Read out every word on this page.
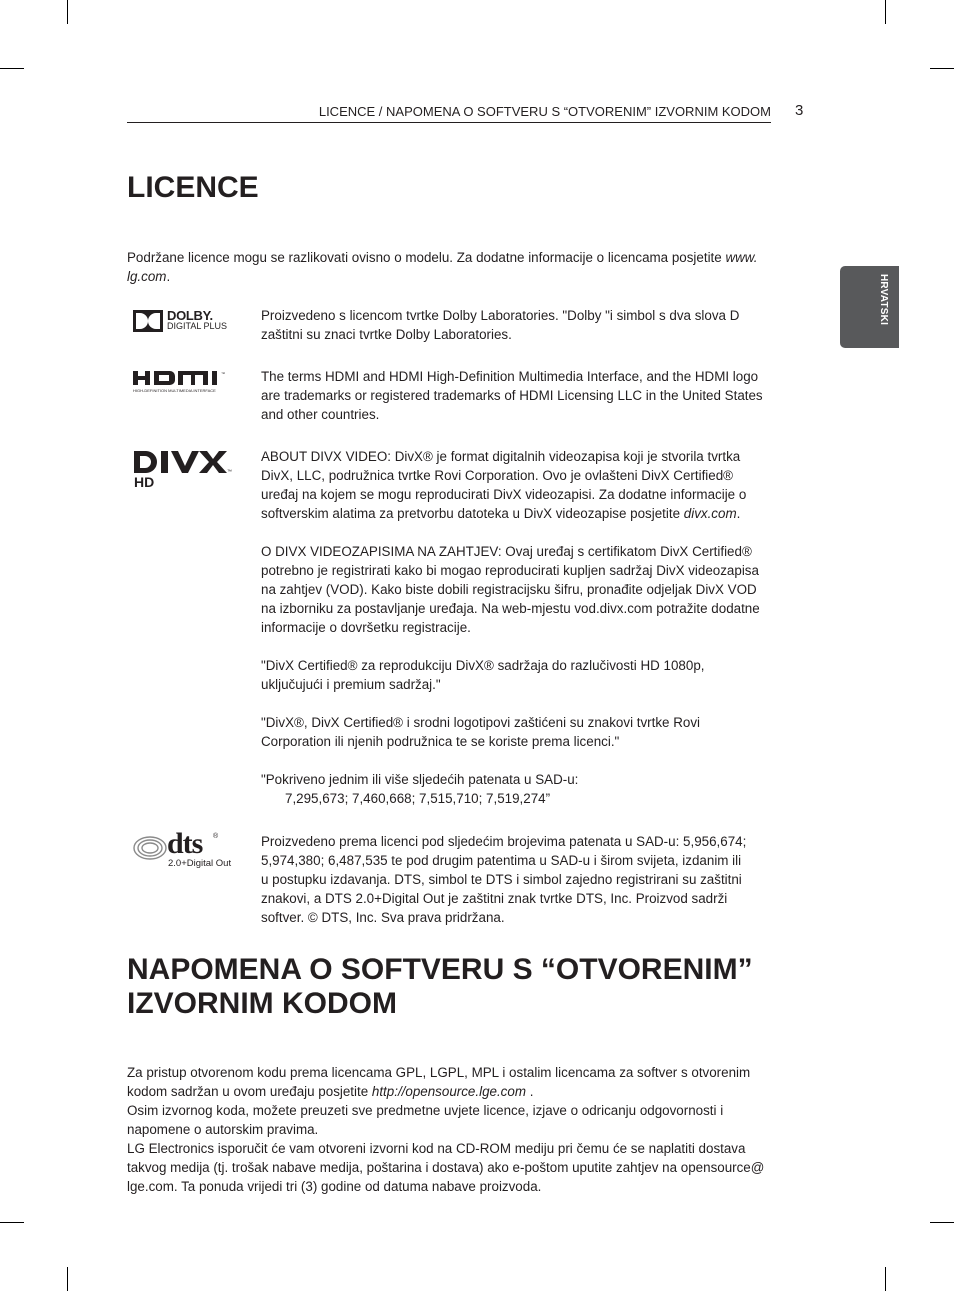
LICENCE / NAPOMENA O SOFTVERU S “OTVORENIM” IZVORNIM KODOM 3
HRVATSKI
LICENCE

Podržane licence mogu se razlikovati ovisno o modelu. Za dodatne informacije o licencama posjetite www.
lg.com.

DOLBY.
DIGITAL PLUS

Proizvedeno s licencom tvrtke Dolby Laboratories. "Dolby "i simbol s dva slova D
zaštitni su znaci tvrtke Dolby Laboratories.

™
HIGH-DEFINITION MULTIMEDIA INTERFACE

The terms HDMI and HDMI High-Definition Multimedia Interface, and the HDMI logo
are trademarks or registered trademarks of HDMI Licensing LLC in the United States
and other countries.

™
HD

ABOUT DIVX VIDEO: DivX® je format digitalnih videozapisa koji je stvorila tvrtka
DivX, LLC, podružnica tvrtke Rovi Corporation. Ovo je ovlašteni DivX Certified®
uređaj na kojem se mogu reproducirati DivX videozapisi. Za dodatne informacije o
softverskim alatima za pretvorbu datoteka u DivX videozapise posjetite divx.com.

O DIVX VIDEOZAPISIMA NA ZAHTJEV: Ovaj uređaj s certifikatom DivX Certified®
potrebno je registrirati kako bi mogao reproducirati kupljen sadržaj DivX videozapisa
na zahtjev (VOD). Kako biste dobili registracijsku šifru, pronađite odjeljak DivX VOD
na izborniku za postavljanje uređaja. Na web-mjestu vod.divx.com potražite dodatne
informacije o dovršetku registracije.

"DivX Certified® za reprodukciju DivX® sadržaja do razlučivosti HD 1080p,
uključujući i premium sadržaj."

"DivX®, DivX Certified® i srodni logotipovi zaštićeni su znakovi tvrtke Rovi
Corporation ili njenih podružnica te se koriste prema licenci."

"Pokriveno jednim ili više sljedećih patenata u SAD-u:

7,295,673; 7,460,668; 7,515,710; 7,519,274”

dts ®
2.0+Digital Out

Proizvedeno prema licenci pod sljedećim brojevima patenata u SAD-u: 5,956,674;
5,974,380; 6,487,535 te pod drugim patentima u SAD-u i širom svijeta, izdanim ili
u postupku izdavanja. DTS, simbol te DTS i simbol zajedno registrirani su zaštitni
znakovi, a DTS 2.0+Digital Out je zaštitni znak tvrtke DTS, Inc. Proizvod sadrži
softver. © DTS, Inc. Sva prava pridržana.

NAPOMENA O SOFTVERU S “OTVORENIM”
IZVORNIM KODOM

Za pristup otvorenom kodu prema licencama GPL, LGPL, MPL i ostalim licencama za softver s otvorenim
kodom sadržan u ovom uređaju posjetite http://opensource.lge.com .

Osim izvornog koda, možete preuzeti sve predmetne uvjete licence, izjave o odricanju odgovornosti i
napomene o autorskim pravima.

LG Electronics isporučit će vam otvoreni izvorni kod na CD-ROM mediju pri čemu će se naplatiti dostava
takvog medija (tj. trošak nabave medija, poštarina i dostava) ako e-poštom uputite zahtjev na opensource@
lge.com. Ta ponuda vrijedi tri (3) godine od datuma nabave proizvoda.
